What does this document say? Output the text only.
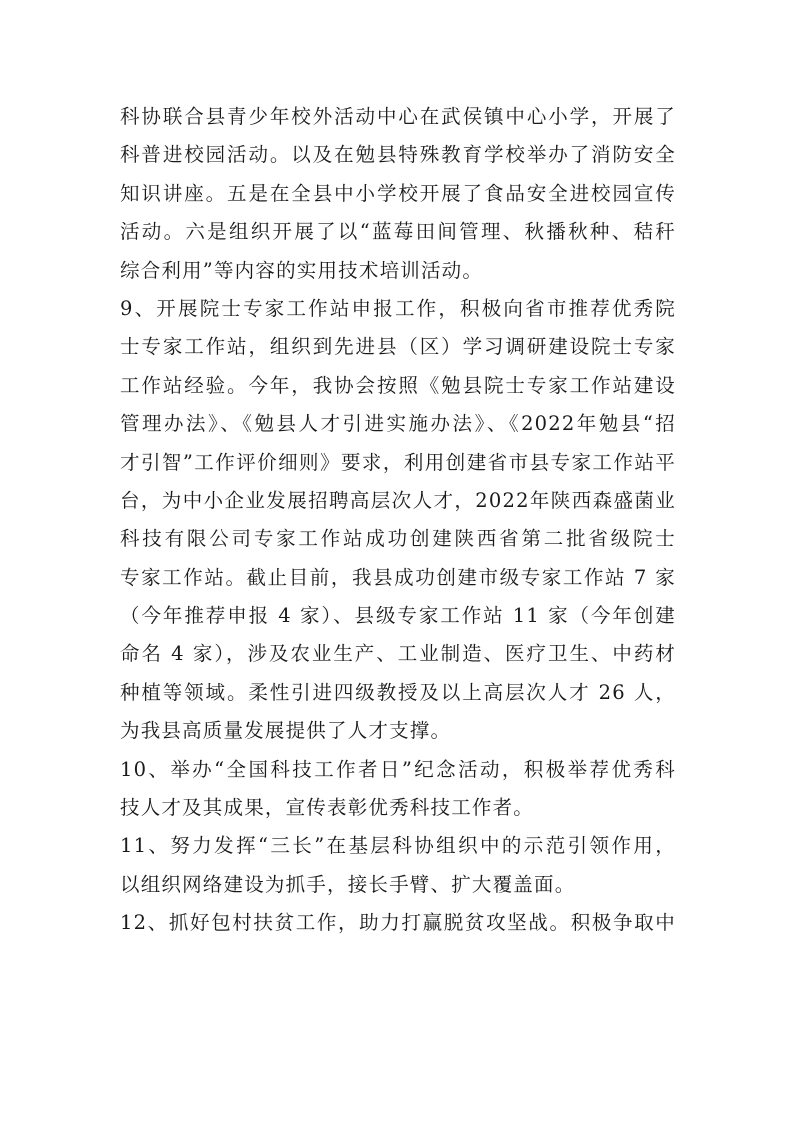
科协联合县青少年校外活动中心在武侯镇中心小学，开展了
科普进校园活动。以及在勉县特殊教育学校举办了消防安全
知识讲座。五是在全县中小学校开展了食品安全进校园宣传
活动。六是组织开展了以“蓝莓田间管理、秋播秋种、秸秆
综合利用”等内容的实用技术培训活动。
9、开展院士专家工作站申报工作，积极向省市推荐优秀院
士专家工作站，组织到先进县（区）学习调研建设院士专家
工作站经验。今年，我协会按照《勉县院士专家工作站建设
管理办法》、《勉县人才引进实施办法》、《2022年勉县“招
才引智”工作评价细则》要求，利用创建省市县专家工作站平
台，为中小企业发展招聘高层次人才，2022年陕西森盛菌业
科技有限公司专家工作站成功创建陕西省第二批省级院士
专家工作站。截止目前，我县成功创建市级专家工作站 7 家
（今年推荐申报 4 家）、县级专家工作站 11 家（今年创建
命名 4 家），涉及农业生产、工业制造、医疗卫生、中药材
种植等领域。柔性引进四级教授及以上高层次人才 26 人，
为我县高质量发展提供了人才支撑。
10、举办“全国科技工作者日”纪念活动，积极举荐优秀科
技人才及其成果，宣传表彰优秀科技工作者。
11、努力发挥“三长”在基层科协组织中的示范引领作用，
以组织网络建设为抓手，接长手臂、扩大覆盖面。
12、抓好包村扶贫工作，助力打赢脱贫攻坚战。积极争取中
